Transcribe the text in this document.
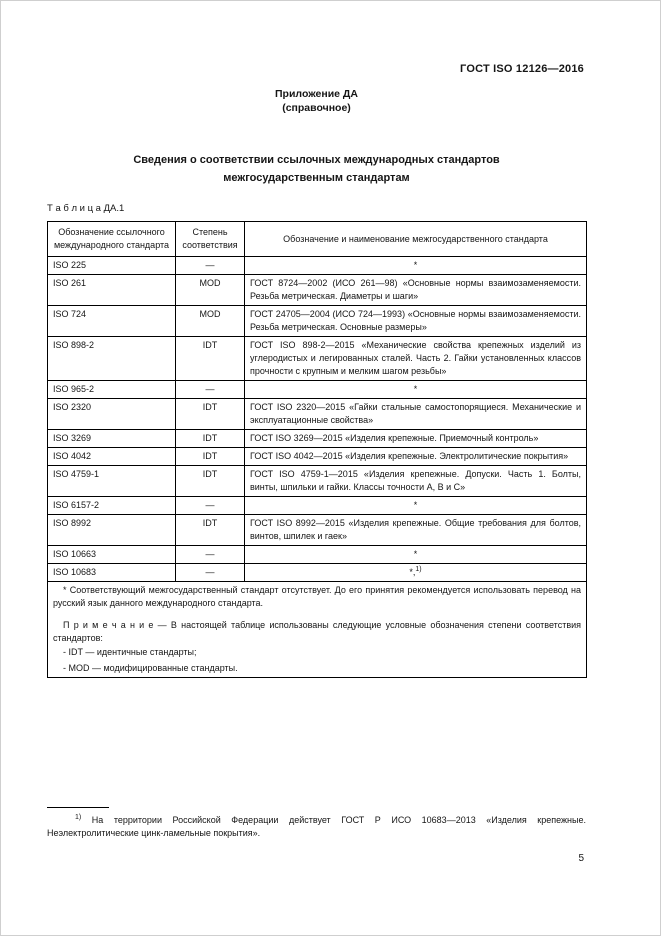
ГОСТ ISO 12126—2016
Приложение ДА
(справочное)
Сведения о соответствии ссылочных международных стандартов
межгосударственным стандартам
Т а б л и ц а ДА.1
Обозначение ссылочного международного стандарта	Степень соответствия	Обозначение и наименование межгосударственного стандарта
ISO 225	—	*
ISO 261	MOD	ГОСТ 8724—2002 (ИСО 261—98) «Основные нормы взаимозаменяемости. Резьба метрическая. Диаметры и шаги»
ISO 724	MOD	ГОСТ 24705—2004 (ИСО 724—1993) «Основные нормы взаимозаменяемости. Резьба метрическая. Основные размеры»
ISO 898-2	IDT	ГОСТ ISO 898-2—2015 «Механические свойства крепежных изделий из углеродистых и легированных сталей. Часть 2. Гайки установленных классов прочности с крупным и мелким шагом резьбы»
ISO 965-2	—	*
ISO 2320	IDT	ГОСТ ISO 2320—2015 «Гайки стальные самостопорящиеся. Механические и эксплуатационные свойства»
ISO 3269	IDT	ГОСТ ISO 3269—2015 «Изделия крепежные. Приемочный контроль»
ISO 4042	IDT	ГОСТ ISO 4042—2015 «Изделия крепежные. Электролитические покрытия»
ISO 4759-1	IDT	ГОСТ ISO 4759-1—2015 «Изделия крепежные. Допуски. Часть 1. Болты, винты, шпильки и гайки. Классы точности А, В и С»
ISO 6157-2	—	*
ISO 8992	IDT	ГОСТ ISO 8992—2015 «Изделия крепежные. Общие требования для болтов, винтов, шпилек и гаек»
ISO 10663	—	*
ISO 10683	—	*,$^{1)}$

* Соответствующий межгосударственный стандарт отсутствует. До его принятия рекомендуется использовать перевод на русский язык данного международного стандарта.

П р и м е ч а н и е — В настоящей таблице использованы следующие условные обозначения степени соответствия стандартов:

- IDT — идентичные стандарты;

- MOD — модифицированные стандарты.		

$^{1)}$ На территории Российской Федерации действует ГОСТ Р ИСО 10683—2013 «Изделия крепежные. Неэлектролитические цинк-ламельные покрытия».

5
